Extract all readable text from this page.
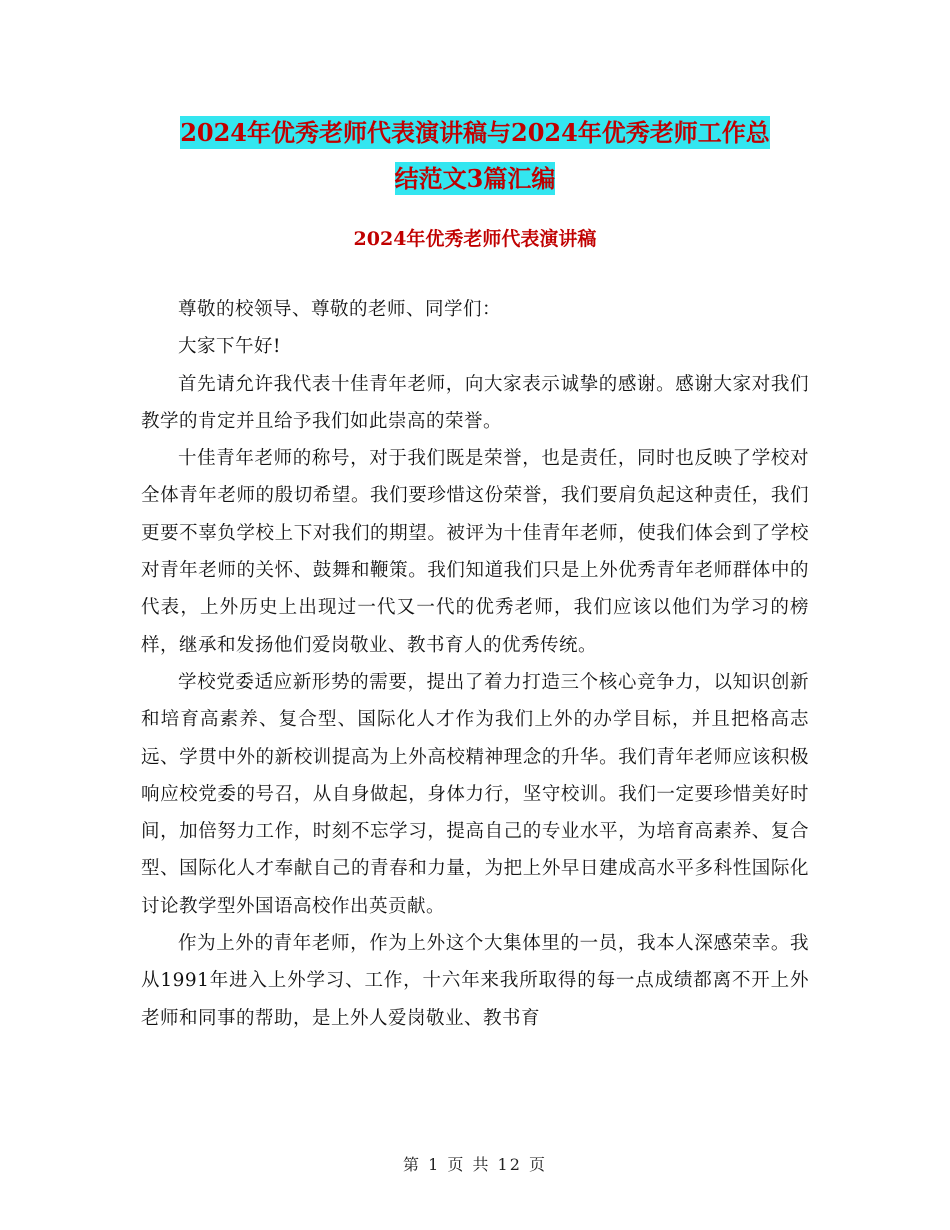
2024年优秀老师代表演讲稿与2024年优秀老师工作总
结范文3篇汇编
2024年优秀老师代表演讲稿

尊敬的校领导、尊敬的老师、同学们：

大家下午好!

首先请允许我代表十佳青年老师，向大家表示诚挚的感谢。感谢大家对我们教学的肯定并且给予我们如此崇高的荣誉。

十佳青年老师的称号，对于我们既是荣誉，也是责任，同时也反映了学校对全体青年老师的殷切希望。我们要珍惜这份荣誉，我们要肩负起这种责任，我们更要不辜负学校上下对我们的期望。被评为十佳青年老师，使我们体会到了学校对青年老师的关怀、鼓舞和鞭策。我们知道我们只是上外优秀青年老师群体中的代表，上外历史上出现过一代又一代的优秀老师，我们应该以他们为学习的榜样，继承和发扬他们爱岗敬业、教书育人的优秀传统。

学校党委适应新形势的需要，提出了着力打造三个核心竞争力，以知识创新和培育高素养、复合型、国际化人才作为我们上外的办学目标，并且把格高志远、学贯中外的新校训提高为上外高校精神理念的升华。我们青年老师应该积极响应校党委的号召，从自身做起，身体力行，坚守校训。我们一定要珍惜美好时间，加倍努力工作，时刻不忘学习，提高自己的专业水平，为培育高素养、复合型、国际化人才奉献自己的青春和力量，为把上外早日建成高水平多科性国际化讨论教学型外国语高校作出英贡献。

作为上外的青年老师，作为上外这个大集体里的一员，我本人深感荣幸。我从1991年进入上外学习、工作，十六年来我所取得的每一点成绩都离不开上外老师和同事的帮助，是上外人爱岗敬业、教书育

第 1 页 共 12 页
